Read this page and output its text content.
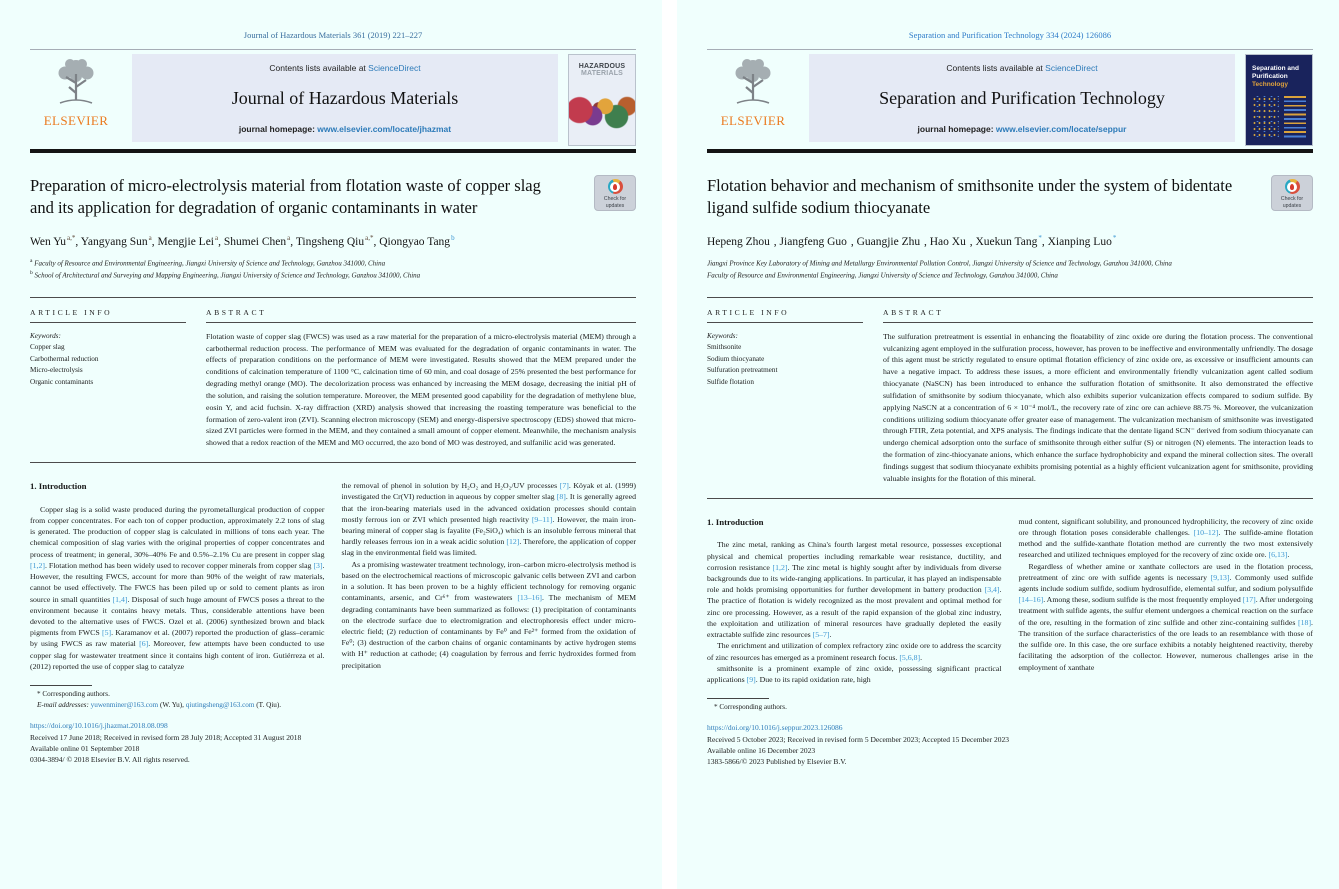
Journal of Hazardous Materials 361 (2019) 221–227
ELSEVIER
Contents lists available at ScienceDirect
Journal of Hazardous Materials
journal homepage: www.elsevier.com/locate/jhazmat
HAZARDOUS
MATERIALS
Preparation of micro-electrolysis material from flotation waste of copper slag and its application for degradation of organic contaminants in water	Check for
updates
Wen Yu$^{a,*}$, Yangyang Sun$^a$, Mengjie Lei$^a$, Shumei Chen$^a$, Tingsheng Qiu$^{a,*}$, Qiongyao Tang$^b$
$^a$ Faculty of Resource and Environmental Engineering, Jiangxi University of Science and Technology, Ganzhou 341000, China
$^b$ School of Architectural and Surveying and Mapping Engineering, Jiangxi University of Science and Technology, Ganzhou 341000, China
ARTICLE INFO
Keywords:
Copper slag
Carbothermal reduction
Micro-electrolysis
Organic contaminants
ABSTRACT
Flotation waste of copper slag (FWCS) was used as a raw material for the preparation of a micro-electrolysis material (MEM) through a carbothermal reduction process. The performance of MEM was evaluated for the degradation of organic contaminants in water. The effects of preparation conditions on the performance of MEM were investigated. Results showed that the MEM prepared under the conditions of calcination temperature of 1100 °C, calcination time of 60 min, and coal dosage of 25% presented the best performance for degrading methyl orange (MO). The decolorization process was enhanced by increasing the MEM dosage, decreasing the initial pH of the solution, and raising the solution temperature. Moreover, the MEM presented good capability for the degradation of methylene blue, eosin Y, and acid fuchsin. X-ray diffraction (XRD) analysis showed that increasing the roasting temperature was beneficial to the formation of zero-valent iron (ZVI). Scanning electron microscopy (SEM) and energy-dispersive spectroscopy (EDS) showed that micro-sized ZVI particles were formed in the MEM, and they contained a small amount of copper element. Meanwhile, the mechanism analysis showed that a redox reaction of the MEM and MO occurred, the azo bond of MO was destroyed, and sulfanilic acid was generated.
1. Introduction

Copper slag is a solid waste produced during the pyrometallurgical production of copper from copper concentrates. For each ton of copper production, approximately 2.2 tons of slag is generated. The production of copper slag is calculated in millions of tons each year. The chemical composition of slag varies with the original properties of copper concentrates and process of treatment; in general, 30%–40% Fe and 0.5%–2.1% Cu are present in copper slag [1,2]. Flotation method has been widely used to recover copper minerals from copper slag [3]. However, the resulting FWCS, account for more than 90% of the weight of raw materials, cannot be used effectively. The FWCS has been piled up or sold to cement plants as iron source in small quantities [1,4]. Disposal of such huge amount of FWCS poses a threat to the environment because it contains heavy metals. Thus, considerable attentions have been devoted to the alternative uses of FWCS. Ozel et al. (2006) synthesized brown and black pigments from FWCS [5]. Karamanov et al. (2007) reported the production of glass–ceramic by using FWCS as raw material [6]. Moreover, few attempts have been conducted to use copper slag for wastewater treatment since it contains high content of iron. Gutiérreza et al. (2012) reported the use of copper slag to catalyze

the removal of phenol in solution by H₂O₂ and H₂O₂/UV processes [7]. Köyak et al. (1999) investigated the Cr(VI) reduction in aqueous by copper smelter slag [8]. It is generally agreed that the iron-bearing materials used in the advanced oxidation processes should contain mostly ferrous ion or ZVI which presented high reactivity [9–11]. However, the main iron-bearing mineral of copper slag is fayalite (Fe₂SiO₄) which is an insoluble ferrous mineral that hardly releases ferrous ion in a weak acidic solution [12]. Therefore, the application of copper slag in the environmental field was limited.

As a promising wastewater treatment technology, iron–carbon micro-electrolysis method is based on the electrochemical reactions of microscopic galvanic cells between ZVI and carbon in a solution. It has been proven to be a highly efficient technology for removing organic contaminants, arsenic, and Cr⁶⁺ from wastewaters [13–16]. The mechanism of MEM degrading contaminants have been summarized as follows: (1) precipitation of contaminants on the electrode surface due to electromigration and electrophoresis effect under micro-electric field; (2) reduction of contaminants by Fe⁰ and Fe²⁺ formed from the oxidation of Fe⁰; (3) destruction of the carbon chains of organic contaminants by active hydrogen stems with H⁺ reduction at cathode; (4) coagulation by ferrous and ferric hydroxides formed from precipitation

* Corresponding authors.
E-mail addresses: yuwenminer@163.com (W. Yu), qiutingsheng@163.com (T. Qiu).
https://doi.org/10.1016/j.jhazmat.2018.08.098
Received 17 June 2018; Received in revised form 28 July 2018; Accepted 31 August 2018
Available online 01 September 2018
0304-3894/ © 2018 Elsevier B.V. All rights reserved.
Separation and Purification Technology 334 (2024) 126086
ELSEVIER
Contents lists available at ScienceDirect
Separation and Purification Technology
journal homepage: www.elsevier.com/locate/seppur
Separation and
Purification
Technology
Flotation behavior and mechanism of smithsonite under the system of bidentate ligand sulfide sodium thiocyanate	Check for
updates
Hepeng Zhou , Jiangfeng Guo , Guangjie Zhu , Hao Xu , Xuekun Tang*, Xianping Luo*
Jiangxi Province Key Laboratory of Mining and Metallurgy Environmental Pollution Control, Jiangxi University of Science and Technology, Ganzhou 341000, China
Faculty of Resource and Environmental Engineering, Jiangxi University of Science and Technology, Ganzhou 341000, China
ARTICLE INFO
Keywords:
Smithsonite
Sodium thiocyanate
Sulfuration pretreatment
Sulfide flotation
ABSTRACT
The sulfuration pretreatment is essential in enhancing the floatability of zinc oxide ore during the flotation process. The conventional vulcanizing agent employed in the sulfuration process, however, has proven to be ineffective and environmentally unfriendly. The dosage of this agent must be strictly regulated to ensure optimal flotation efficiency of zinc oxide ore, as excessive or insufficient amounts can have a negative impact. To address these issues, a more efficient and environmentally friendly vulcanization agent called sodium thiocyanate (NaSCN) has been introduced to enhance the sulfuration flotation of smithsonite. It also demonstrated the effective sulfidation of smithsonite by sodium thiocyanate, which also exhibits superior vulcanization effects compared to sodium sulfide. By applying NaSCN at a concentration of 6 × 10⁻⁴ mol/L, the recovery rate of zinc ore can achieve 88.75 %. Moreover, the vulcanization conditions utilizing sodium thiocyanate offer greater ease of management. The vulcanization mechanism of smithsonite was investigated through FTIR, Zeta potential, and XPS analysis. The findings indicate that the dentate ligand SCN⁻ derived from sodium thiocyanate can undergo chemical adsorption onto the surface of smithsonite through either sulfur (S) or nitrogen (N) elements. The interaction leads to the formation of zinc-thiocyanate anions, which enhance the surface hydrophobicity and expand the mineral collection sites. The overall findings suggest that sodium thiocyanate exhibits promising potential as a highly efficient vulcanization agent for smithsonite, providing valuable insights for the flotation of this mineral.
1. Introduction

The zinc metal, ranking as China's fourth largest metal resource, possesses exceptional physical and chemical properties including remarkable wear resistance, ductility, and corrosion resistance [1,2]. The zinc metal is highly sought after by individuals from diverse backgrounds due to its wide-ranging applications. In particular, it has played an indispensable role and holds promising opportunities for further development in battery production [3,4]. The practice of flotation is widely recognized as the most prevalent and optimal method for zinc ore processing. However, as a result of the rapid expansion of the global zinc industry, the exploitation and utilization of mineral resources have gradually depleted the easily extractable sulfide zinc resources [5–7].

The enrichment and utilization of complex refractory zinc oxide ore to address the scarcity of zinc resources has emerged as a prominent research focus. [5,6,8].

smithsonite is a prominent example of zinc oxide, possessing significant practical applications [9]. Due to its rapid oxidation rate, high

mud content, significant solubility, and pronounced hydrophilicity, the recovery of zinc oxide ore through flotation poses considerable challenges. [10–12]. The sulfide-amine flotation method and the sulfide-xanthate flotation method are currently the two most extensively researched and utilized techniques employed for the recovery of zinc oxide ore. [6,13].

Regardless of whether amine or xanthate collectors are used in the flotation process, pretreatment of zinc ore with sulfide agents is necessary [9,13]. Commonly used sulfide agents include sodium sulfide, sodium hydrosulfide, elemental sulfur, and sodium polysulfide [14–16]. Among these, sodium sulfide is the most frequently employed [17]. After undergoing treatment with sulfide agents, the sulfur element undergoes a chemical reaction on the surface of the ore, resulting in the formation of zinc sulfide and other zinc-containing sulfides [18]. The transition of the surface characteristics of the ore leads to an resemblance with those of the sulfide ore. In this case, the ore surface exhibits a notably heightened reactivity, thereby facilitating the adsorption of the collector. However, numerous challenges arise in the employment of xanthate

* Corresponding authors.
https://doi.org/10.1016/j.seppur.2023.126086
Received 5 October 2023; Received in revised form 5 December 2023; Accepted 15 December 2023
Available online 16 December 2023
1383-5866/© 2023 Published by Elsevier B.V.
